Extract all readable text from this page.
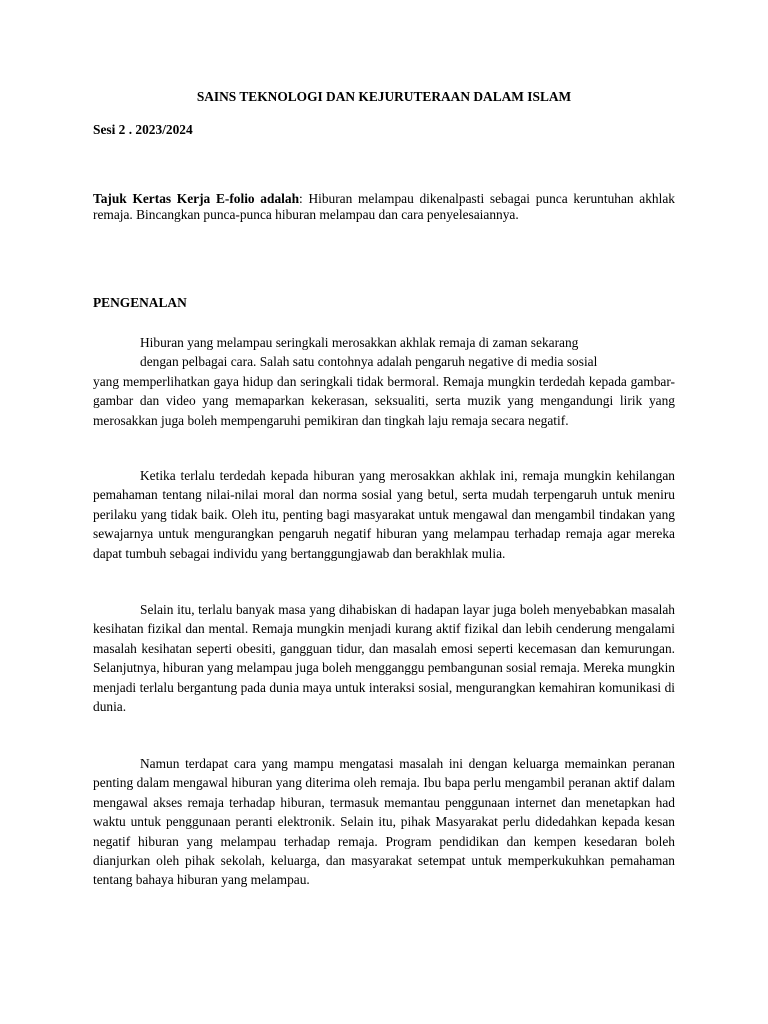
SAINS TEKNOLOGI DAN KEJURUTERAAN DALAM ISLAM
Sesi 2 . 2023/2024
Tajuk Kertas Kerja E-folio adalah: Hiburan melampau dikenalpasti sebagai punca keruntuhan akhlak remaja. Bincangkan punca-punca hiburan melampau dan cara penyelesaiannya.
PENGENALAN
Hiburan yang melampau seringkali merosakkan akhlak remaja di zaman sekarang
dengan pelbagai cara. Salah satu contohnya adalah pengaruh negative di media sosial
yang memperlihatkan gaya hidup dan seringkali tidak bermoral. Remaja mungkin terdedah kepada gambar-gambar dan video yang memaparkan kekerasan, seksualiti, serta muzik yang mengandungi lirik yang merosakkan juga boleh mempengaruhi pemikiran dan tingkah laju remaja secara negatif.
Ketika terlalu terdedah kepada hiburan yang merosakkan akhlak ini, remaja mungkin kehilangan pemahaman tentang nilai-nilai moral dan norma sosial yang betul, serta mudah terpengaruh untuk meniru perilaku yang tidak baik. Oleh itu, penting bagi masyarakat untuk mengawal dan mengambil tindakan yang sewajarnya untuk mengurangkan pengaruh negatif hiburan yang melampau terhadap remaja agar mereka dapat tumbuh sebagai individu yang bertanggungjawab dan berakhlak mulia.
Selain itu, terlalu banyak masa yang dihabiskan di hadapan layar juga boleh menyebabkan masalah kesihatan fizikal dan mental. Remaja mungkin menjadi kurang aktif fizikal dan lebih cenderung mengalami masalah kesihatan seperti obesiti, gangguan tidur, dan masalah emosi seperti kecemasan dan kemurungan. Selanjutnya, hiburan yang melampau juga boleh mengganggu pembangunan sosial remaja. Mereka mungkin menjadi terlalu bergantung pada dunia maya untuk interaksi sosial, mengurangkan kemahiran komunikasi di dunia.
Namun terdapat cara yang mampu mengatasi masalah ini dengan keluarga memainkan peranan penting dalam mengawal hiburan yang diterima oleh remaja. Ibu bapa perlu mengambil peranan aktif dalam mengawal akses remaja terhadap hiburan, termasuk memantau penggunaan internet dan menetapkan had waktu untuk penggunaan peranti elektronik. Selain itu, pihak Masyarakat perlu didedahkan kepada kesan negatif hiburan yang melampau terhadap remaja. Program pendidikan dan kempen kesedaran boleh dianjurkan oleh pihak sekolah, keluarga, dan masyarakat setempat untuk memperkukuhkan pemahaman tentang bahaya hiburan yang melampau.
